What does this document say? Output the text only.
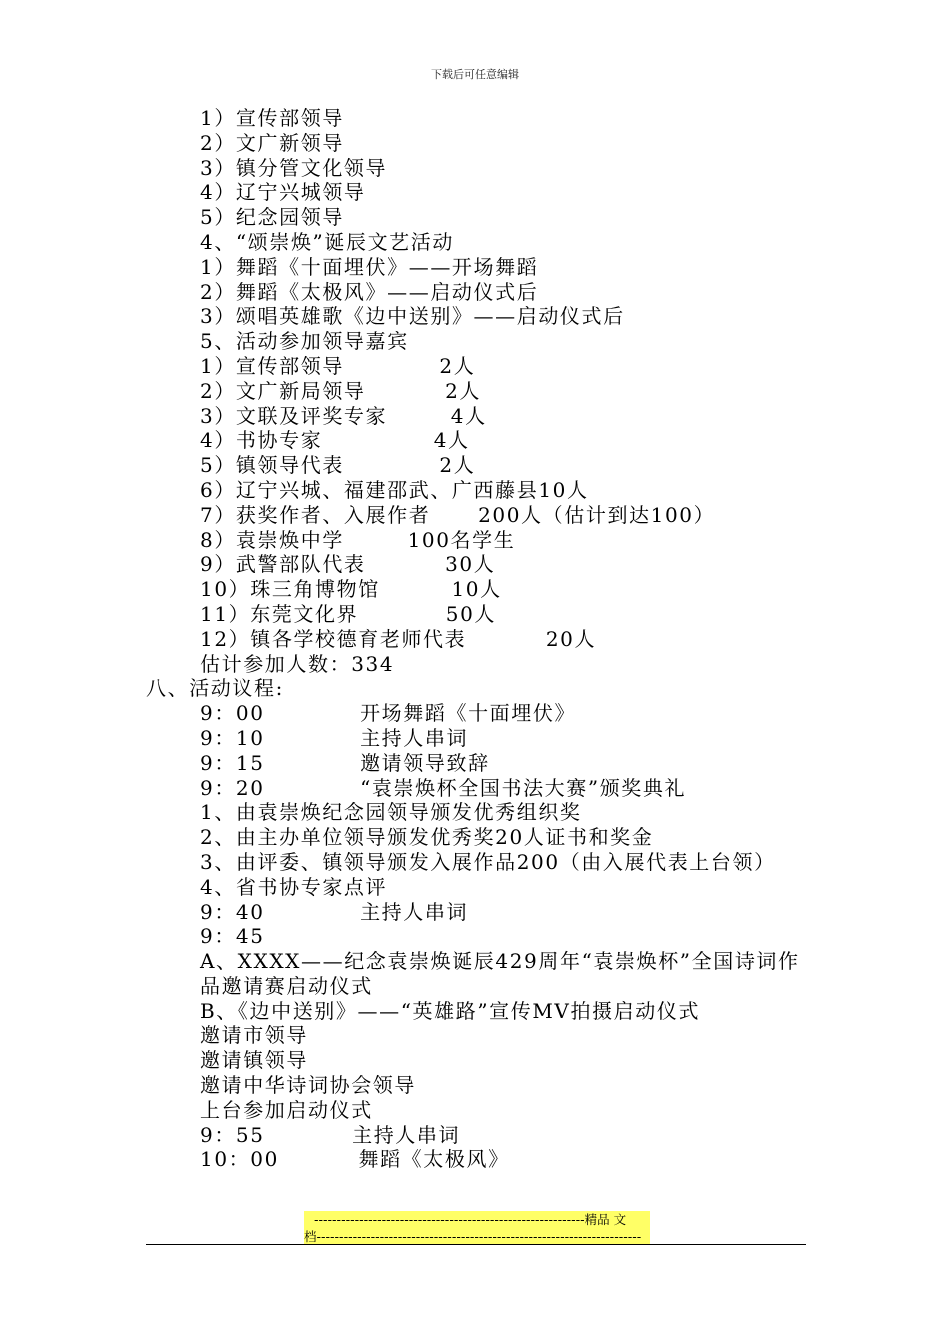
下载后可任意编辑
1）宣传部领导
2）文广新领导
3）镇分管文化领导
4）辽宁兴城领导
5）纪念园领导
4、“颂崇焕”诞辰文艺活动
1）舞蹈《十面埋伏》——开场舞蹈
2）舞蹈《太极风》——启动仪式后
3）颂唱英雄歌《边中送别》——启动仪式后
5、活动参加领导嘉宾
1）宣传部领导            2人
2）文广新局领导          2人
3）文联及评奖专家        4人
4）书协专家              4人
5）镇领导代表            2人
6）辽宁兴城、福建邵武、广西藤县10人
7）获奖作者、入展作者      200人（估计到达100）
8）袁崇焕中学        100名学生
9）武警部队代表          30人
10）珠三角博物馆         10人
11）东莞文化界           50人
12）镇各学校德育老师代表          20人
估计参加人数：334
八、活动议程:
9：00            开场舞蹈《十面埋伏》
9：10            主持人串词
9：15            邀请领导致辞
9：20            “袁崇焕杯全国书法大赛”颁奖典礼
1、由袁崇焕纪念园领导颁发优秀组织奖
2、由主办单位领导颁发优秀奖20人证书和奖金
3、由评委、镇领导颁发入展作品200（由入展代表上台领）
4、省书协专家点评
9：40            主持人串词
9：45
A、XXXX——纪念袁崇焕诞辰429周年“袁崇焕杯”全国诗词作品邀请赛启动仪式
B、《边中送别》——“英雄路”宣传MV拍摄启动仪式
邀请市领导
邀请镇领导
邀请中华诗词协会领导
上台参加启动仪式
9：55           主持人串词
10：00          舞蹈《太极风》
------------------------------------------------------------精品 文
档------------------------------------------------------------------------
